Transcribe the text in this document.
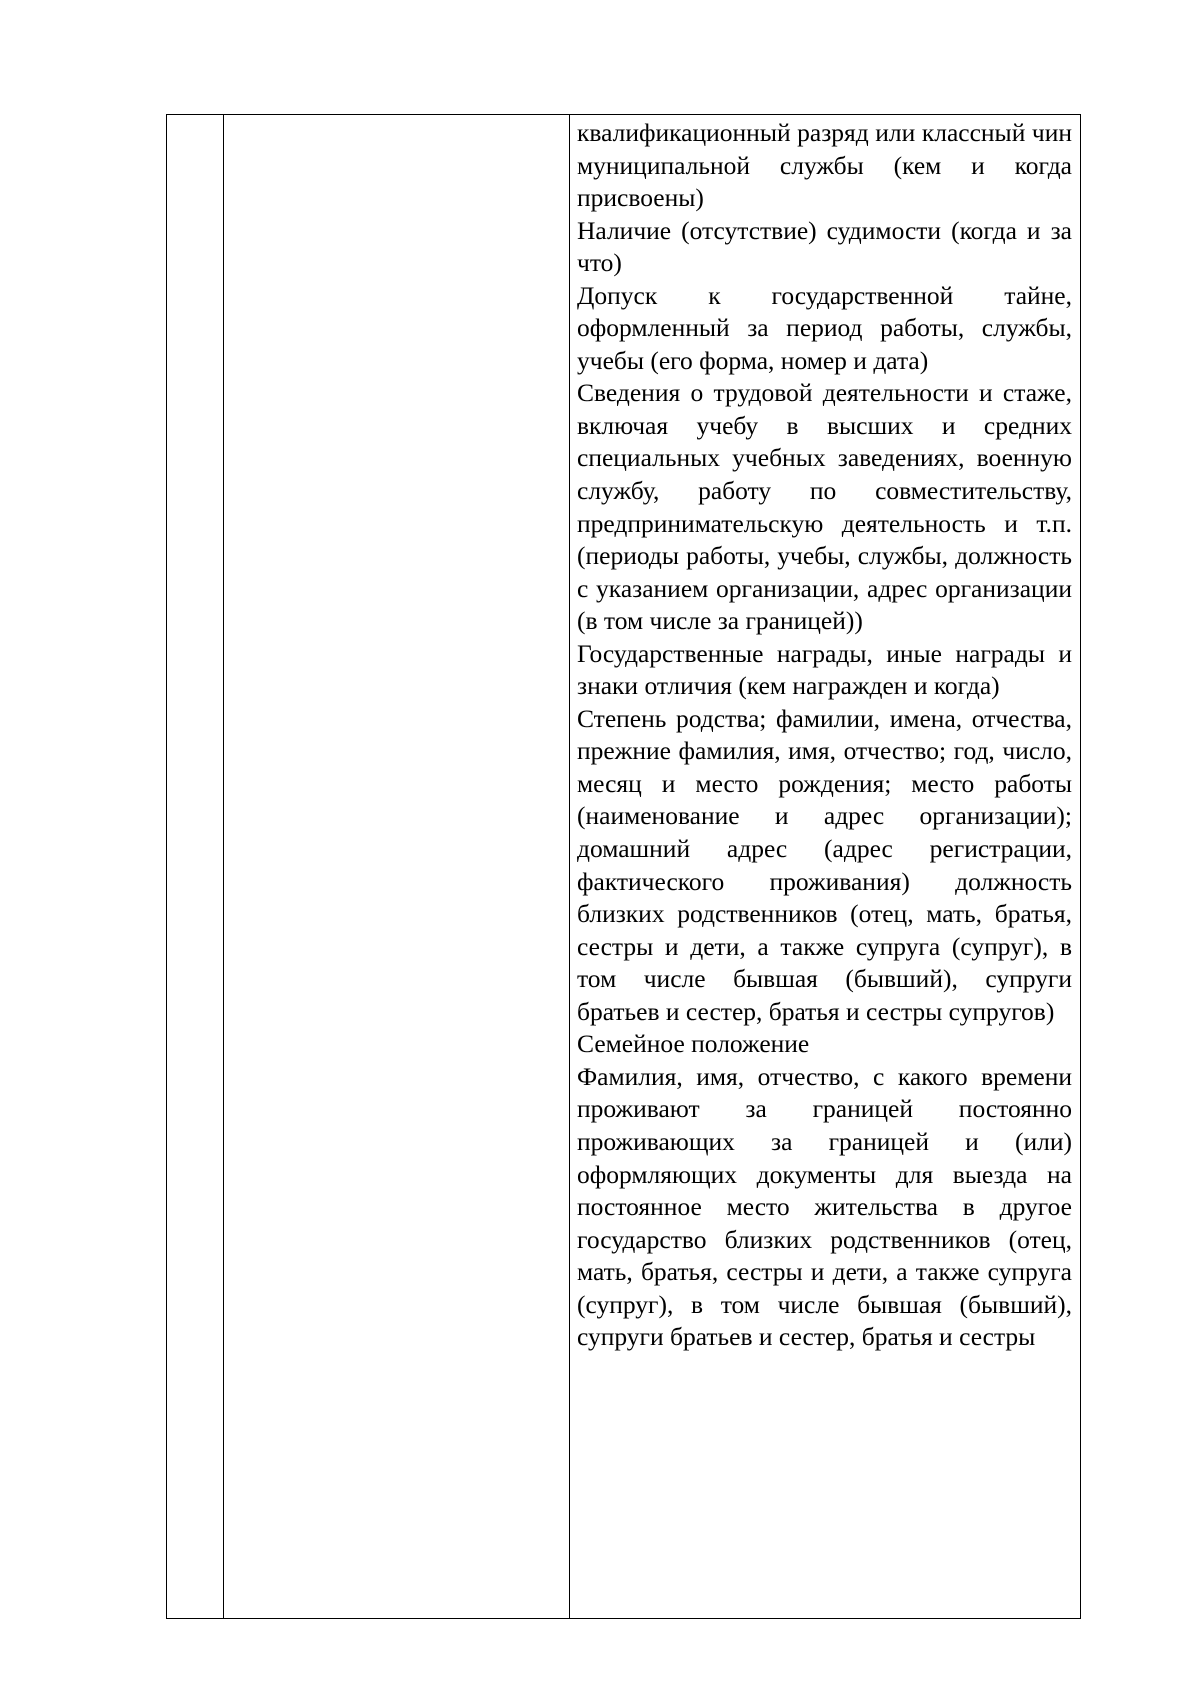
квалификационный разряд или классный чин муниципальной службы (кем и когда присвоены)

Наличие (отсутствие) судимости (когда и за что)

Допуск к государственной тайне, оформленный за период работы, службы, учебы (его форма, номер и дата)

Сведения о трудовой деятельности и стаже, включая учебу в высших и средних специальных учебных заведениях, военную службу, работу по совместительству, предпринимательскую деятельность и т.п. (периоды работы, учебы, службы, должность с указанием организации, адрес организации (в том числе за границей))

Государственные награды, иные награды и знаки отличия (кем награжден и когда)

Степень родства; фамилии, имена, отчества, прежние фамилия, имя, отчество; год, число, месяц и место рождения; место работы (наименование и адрес организации); домашний адрес (адрес регистрации, фактического проживания) должность близких родственников (отец, мать, братья, сестры и дети, а также супруга (супруг), в том числе бывшая (бывший), супруги братьев и сестер, братья и сестры супругов)

Семейное положение

Фамилия, имя, отчество, с какого времени проживают за границей постоянно проживающих за границей и (или) оформляющих документы для выезда на постоянное место жительства в другое государство близких родственников (отец, мать, братья, сестры и дети, а также супруга (супруг), в том числе бывшая (бывший), супруги братьев и сестер, братья и сестры
